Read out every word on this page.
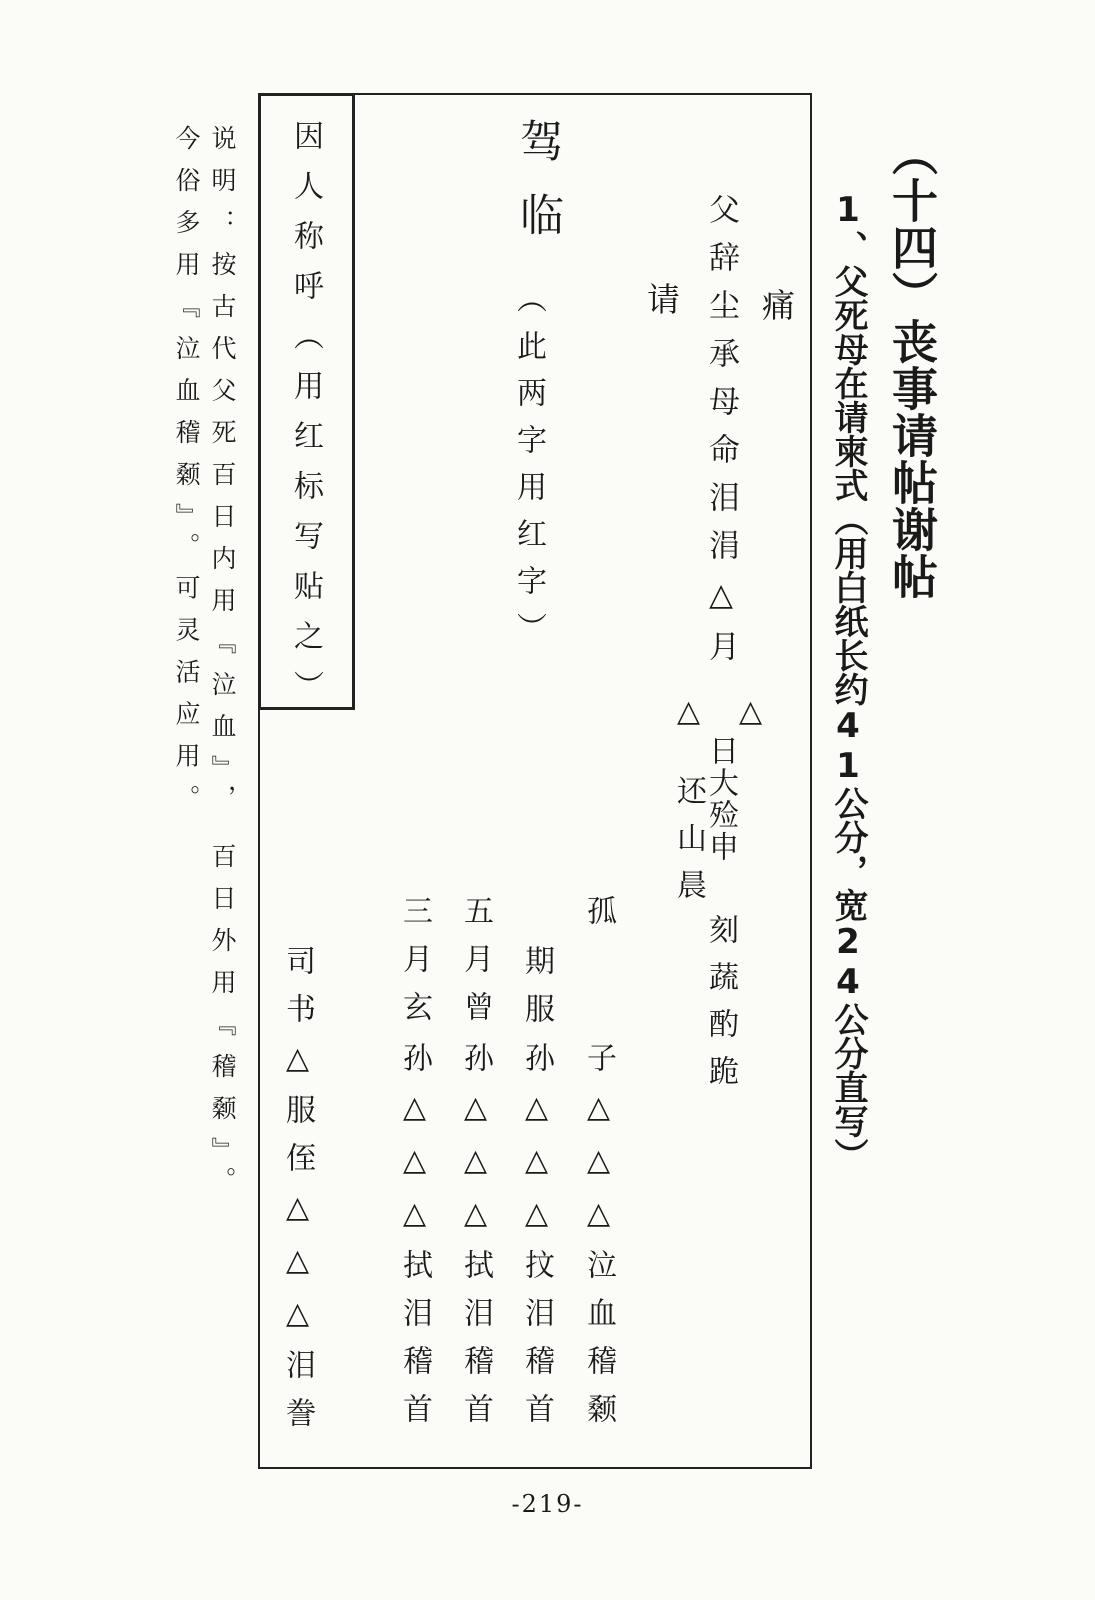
（十四）丧事请帖谢帖
1、父死母在请柬式（用白纸长约41公分，宽24公分直写）
痛
父辞尘承母命泪涓△月
请
△
△
日大殓申
刻蔬酌跪
还山晨
驾临
（此两字用红字）
孤
子△△△泣血稽颡
期服
孙△△△抆泪稽首
五月曾
孙△△△拭泪稽首
三月玄
孙△△△拭泪稽首
司书△服侄△△△泪誊
因人称呼（用红标写贴之）
说明：按古代父死百日内用『泣血』，
百日外用『稽颡』。
今俗多用『泣血稽颡』。可灵活应用。
-219-
